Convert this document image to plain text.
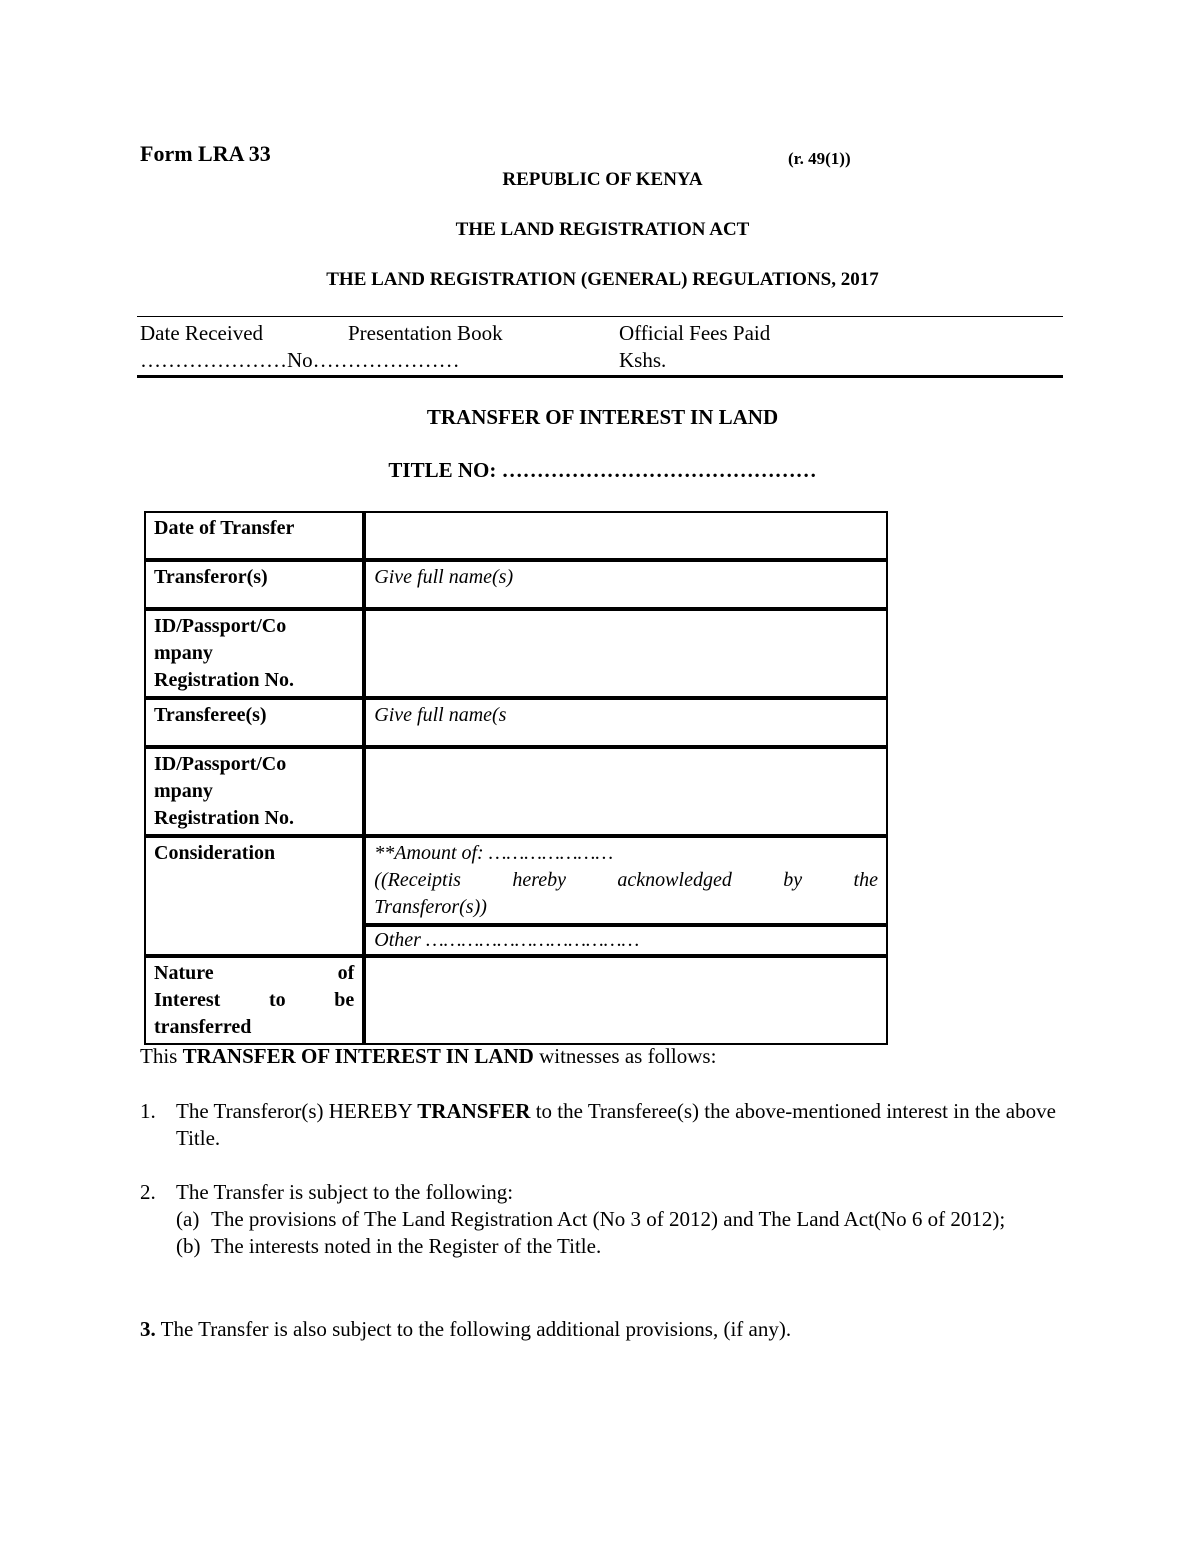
Form LRA 33	(r. 49(1))
REPUBLIC OF KENYA
THE LAND REGISTRATION ACT
THE LAND REGISTRATION (GENERAL) REGULATIONS, 2017
Date Received	Presentation Book	Official Fees Paid
…………………No…………………	Kshs.
TRANSFER OF INTEREST IN LAND
TITLE NO: ………………………………………
Date of Transfer	
Transferor(s)	Give full name(s)

ID/Passport/Co
mpany
Registration No.	

Transferee(s)	Give full name(s

ID/Passport/Co
mpany
Registration No.	

Consideration	**Amount of: …………………
((Receiptis hereby acknowledged by the
Transferor(s))

	Other ………………………………

Nature of
Interest to be
transferred	

This TRANSFER OF INTEREST IN LAND witnesses as follows:
1. The Transferor(s) HEREBY TRANSFER to the Transferee(s) the above-mentioned interest in the above Title.
2. The Transfer is subject to the following:
(a) The provisions of The Land Registration Act (No 3 of 2012) and The Land Act(No 6 of 2012);
(b) The interests noted in the Register of the Title.
3. The Transfer is also subject to the following additional provisions, (if any).
